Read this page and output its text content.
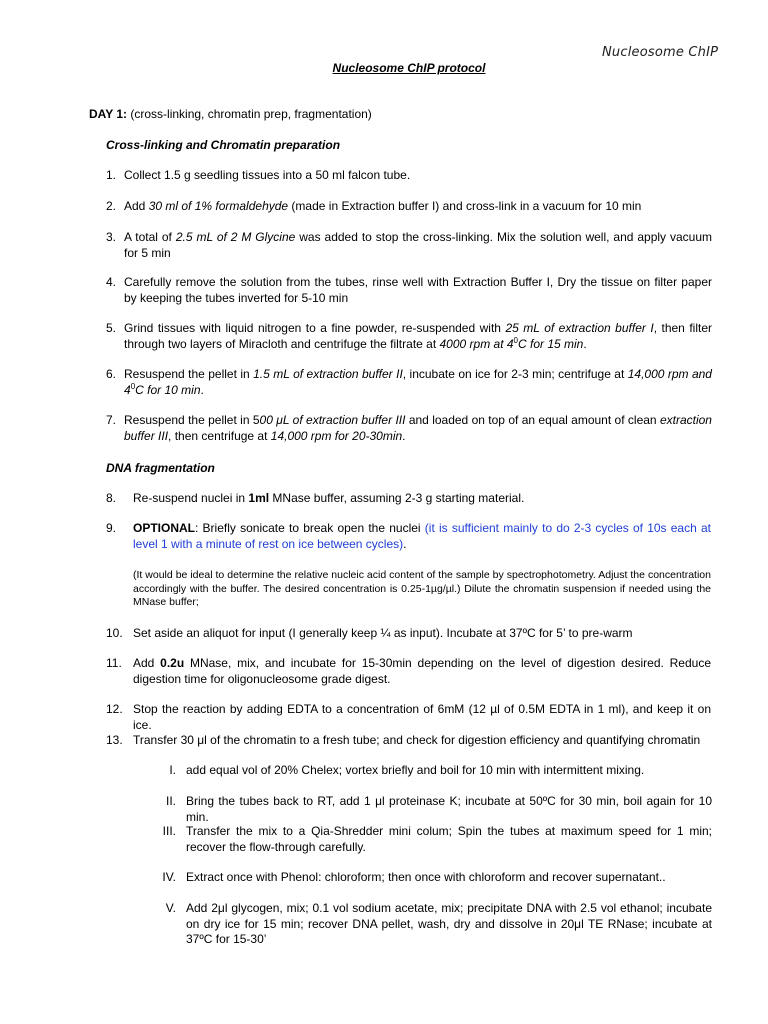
Nucleosome ChIP
Nucleosome ChIP protocol
DAY 1: (cross-linking, chromatin prep, fragmentation)
Cross-linking and Chromatin preparation
1. Collect 1.5 g seedling tissues into a 50 ml falcon tube.
2. Add 30 ml of 1% formaldehyde (made in Extraction buffer I) and cross-link in a vacuum for 10 min
3. A total of 2.5 mL of 2 M Glycine was added to stop the cross-linking. Mix the solution well, and apply vacuum for 5 min
4. Carefully remove the solution from the tubes, rinse well with Extraction Buffer I, Dry the tissue on filter paper by keeping the tubes inverted for 5-10 min
5. Grind tissues with liquid nitrogen to a fine powder, re-suspended with 25 mL of extraction buffer I, then filter through two layers of Miracloth and centrifuge the filtrate at 4000 rpm at $4^0C$ for 15 min.
6. Resuspend the pellet in 1.5 mL of extraction buffer II, incubate on ice for 2-3 min; centrifuge at 14,000 rpm and $4^0C$ for 10 min.
7. Resuspend the pellet in 500 μL of extraction buffer III and loaded on top of an equal amount of clean extraction buffer III, then centrifuge at 14,000 rpm for 20-30min.
DNA fragmentation
8. Re-suspend nuclei in 1ml MNase buffer, assuming 2-3 g starting material.
9. OPTIONAL: Briefly sonicate to break open the nuclei (it is sufficient mainly to do 2-3 cycles of 10s each at level 1 with a minute of rest on ice between cycles).
(It would be ideal to determine the relative nucleic acid content of the sample by spectrophotometry. Adjust the concentration accordingly with the buffer. The desired concentration is 0.25-1µg/µl.) Dilute the chromatin suspension if needed using the MNase buffer;
10. Set aside an aliquot for input (I generally keep ¼ as input). Incubate at 37ºC for 5’ to pre-warm
11. Add 0.2u MNase, mix, and incubate for 15-30min depending on the level of digestion desired. Reduce digestion time for oligonucleosome grade digest.
12. Stop the reaction by adding EDTA to a concentration of 6mM (12 µl of 0.5M EDTA in 1 ml), and keep it on ice.
13. Transfer 30 μl of the chromatin to a fresh tube; and check for digestion efficiency and quantifying chromatin
I. add equal vol of 20% Chelex; vortex briefly and boil for 10 min with intermittent mixing.
II. Bring the tubes back to RT, add 1 μl proteinase K; incubate at 50ºC for 30 min, boil again for 10 min.
III. Transfer the mix to a Qia-Shredder mini colum; Spin the tubes at maximum speed for 1 min; recover the flow-through carefully.
IV. Extract once with Phenol: chloroform; then once with chloroform and recover supernatant..
V. Add 2μl glycogen, mix; 0.1 vol sodium acetate, mix; precipitate DNA with 2.5 vol ethanol; incubate on dry ice for 15 min; recover DNA pellet, wash, dry and dissolve in 20μl TE RNase; incubate at 37ºC for 15-30’
